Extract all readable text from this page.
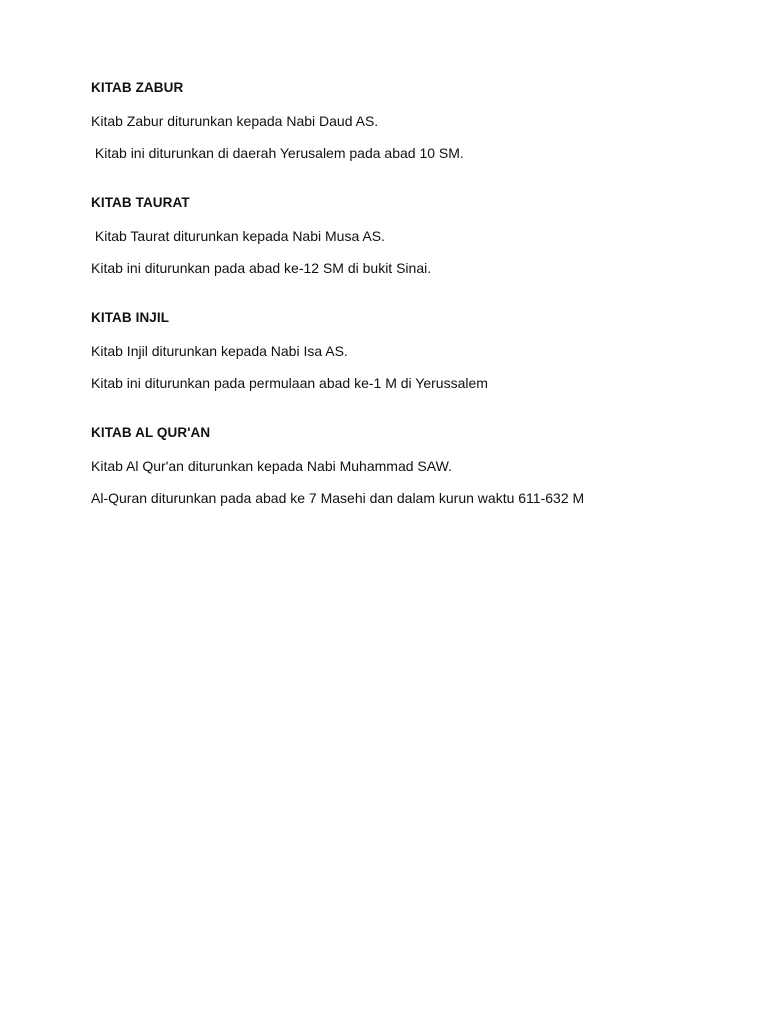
KITAB ZABUR
Kitab Zabur diturunkan kepada Nabi Daud AS.
Kitab ini diturunkan di daerah Yerusalem pada abad 10 SM.
KITAB TAURAT
Kitab Taurat diturunkan kepada Nabi Musa AS.
Kitab ini diturunkan pada abad ke-12 SM di bukit Sinai.
KITAB INJIL
Kitab Injil diturunkan kepada Nabi Isa AS.
Kitab ini diturunkan pada permulaan abad ke-1 M di Yerussalem
KITAB AL QUR'AN
Kitab Al Qur'an diturunkan kepada Nabi Muhammad SAW.
Al-Quran diturunkan pada abad ke 7 Masehi dan dalam kurun waktu 611-632 M
